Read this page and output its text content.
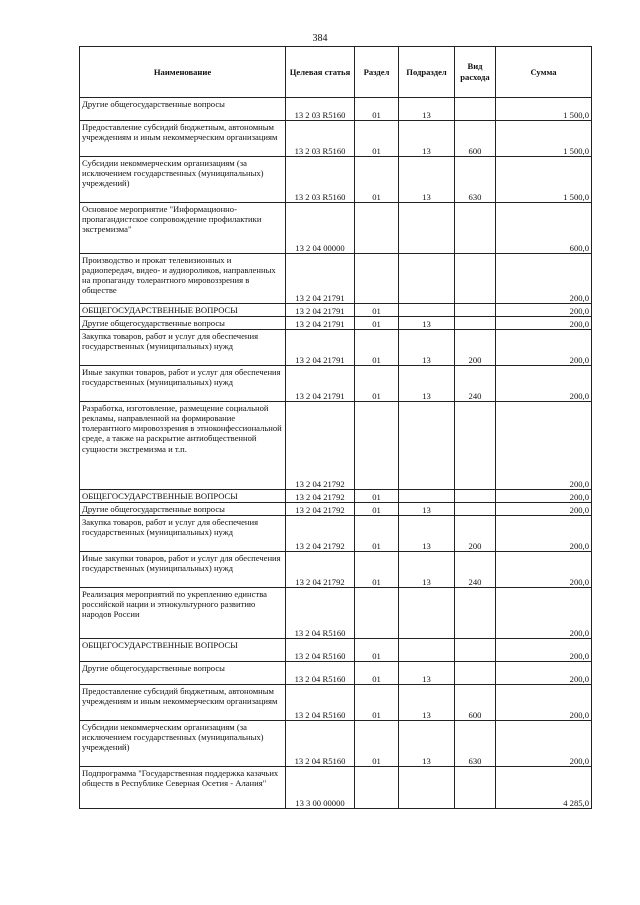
384
Наименование	Целевая статья	Раздел	Подраздел	Вид расхода	Сумма

Другие общегосударственные вопросы	13 2 03 R5160	01	13		1 500,0

Предоставление субсидий бюджетным, автономным учреждениям и иным некоммерческим организациям	13 2 03 R5160	01	13	600	1 500,0

Субсидии некоммерческим организациям (за исключением государственных (муниципальных) учреждений)	13 2 03 R5160	01	13	630	1 500,0

Основное мероприятие "Информационно-пропагандистское сопровождение профилактики экстремизма"	13 2 04 00000				600,0

Производство и прокат телевизионных и радиопередач, видео- и аудиороликов, направленных на пропаганду толерантного мировоззрения в обществе	13 2 04 21791				200,0

ОБЩЕГОСУДАРСТВЕННЫЕ ВОПРОСЫ	13 2 04 21791	01			200,0

Другие общегосударственные вопросы	13 2 04 21791	01	13		200,0

Закупка товаров, работ и услуг для обеспечения государственных (муниципальных) нужд	13 2 04 21791	01	13	200	200,0

Иные закупки товаров, работ и услуг для обеспечения государственных (муниципальных) нужд	13 2 04 21791	01	13	240	200,0

Разработка, изготовление, размещение социальной рекламы, направленной на формирование толерантного мировоззрения в этноконфессиональной среде, а также на раскрытие антиобщественной сущности экстремизма и т.п.	13 2 04 21792				200,0

ОБЩЕГОСУДАРСТВЕННЫЕ ВОПРОСЫ	13 2 04 21792	01			200,0

Другие общегосударственные вопросы	13 2 04 21792	01	13		200,0

Закупка товаров, работ и услуг для обеспечения государственных (муниципальных) нужд	13 2 04 21792	01	13	200	200,0

Иные закупки товаров, работ и услуг для обеспечения государственных (муниципальных) нужд	13 2 04 21792	01	13	240	200,0

Реализация мероприятий по укреплению единства российской нации и этнокультурного развитию народов России	13 2 04 R5160				200,0

ОБЩЕГОСУДАРСТВЕННЫЕ ВОПРОСЫ	13 2 04 R5160	01			200,0

Другие общегосударственные вопросы	13 2 04 R5160	01	13		200,0

Предоставление субсидий бюджетным, автономным учреждениям и иным некоммерческим организациям	13 2 04 R5160	01	13	600	200,0

Субсидии некоммерческим организациям (за исключением государственных (муниципальных) учреждений)	13 2 04 R5160	01	13	630	200,0

Подпрограмма "Государственная поддержка казачьих обществ в Республике Северная Осетия - Алания"	13 3 00 00000				4 285,0
